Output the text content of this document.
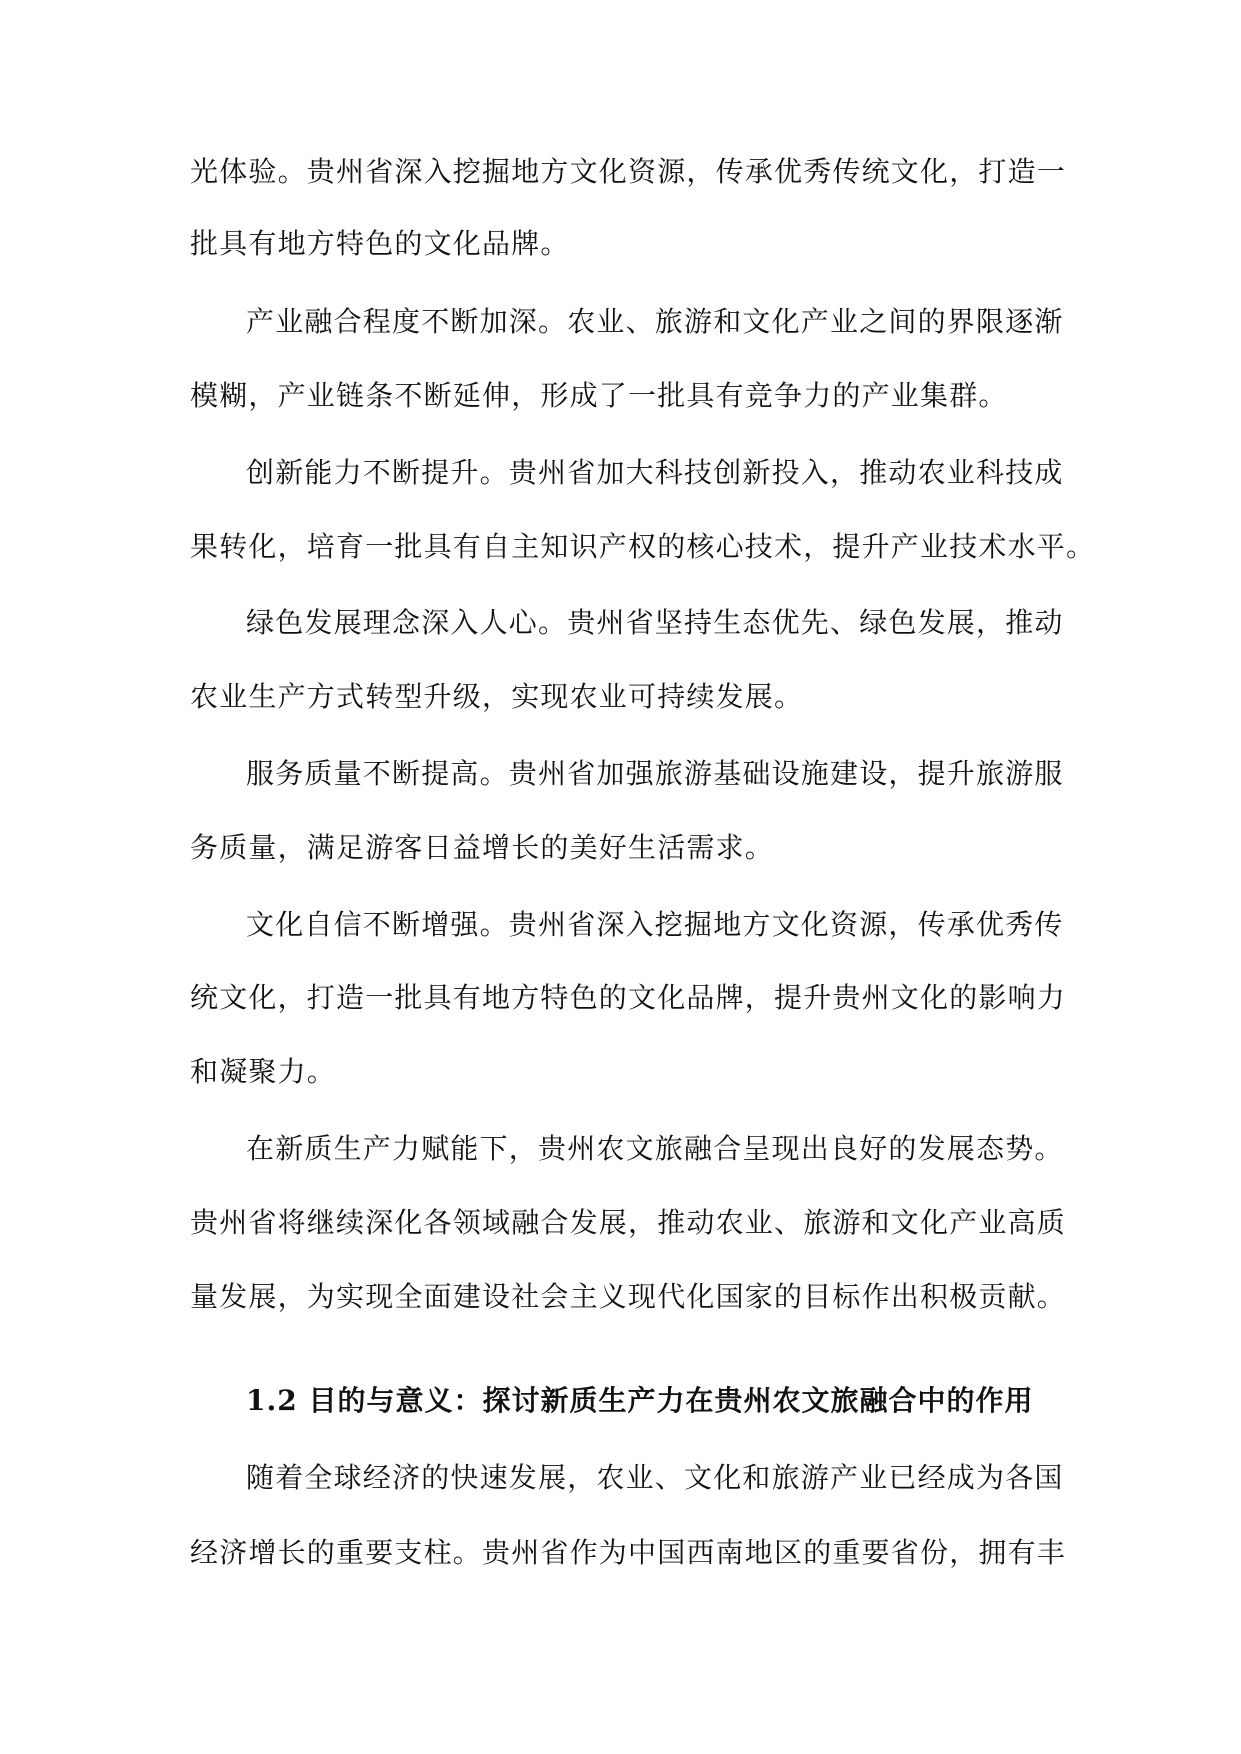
光体验。贵州省深入挖掘地方文化资源，传承优秀传统文化，打造一
批具有地方特色的文化品牌。
产业融合程度不断加深。农业、旅游和文化产业之间的界限逐渐
模糊，产业链条不断延伸，形成了一批具有竞争力的产业集群。
创新能力不断提升。贵州省加大科技创新投入，推动农业科技成
果转化，培育一批具有自主知识产权的核心技术，提升产业技术水平。
绿色发展理念深入人心。贵州省坚持生态优先、绿色发展，推动
农业生产方式转型升级，实现农业可持续发展。
服务质量不断提高。贵州省加强旅游基础设施建设，提升旅游服
务质量，满足游客日益增长的美好生活需求。
文化自信不断增强。贵州省深入挖掘地方文化资源，传承优秀传
统文化，打造一批具有地方特色的文化品牌，提升贵州文化的影响力
和凝聚力。
在新质生产力赋能下，贵州农文旅融合呈现出良好的发展态势。
贵州省将继续深化各领域融合发展，推动农业、旅游和文化产业高质
量发展，为实现全面建设社会主义现代化国家的目标作出积极贡献。
1.2 目的与意义：探讨新质生产力在贵州农文旅融合中的作用
随着全球经济的快速发展，农业、文化和旅游产业已经成为各国
经济增长的重要支柱。贵州省作为中国西南地区的重要省份，拥有丰
